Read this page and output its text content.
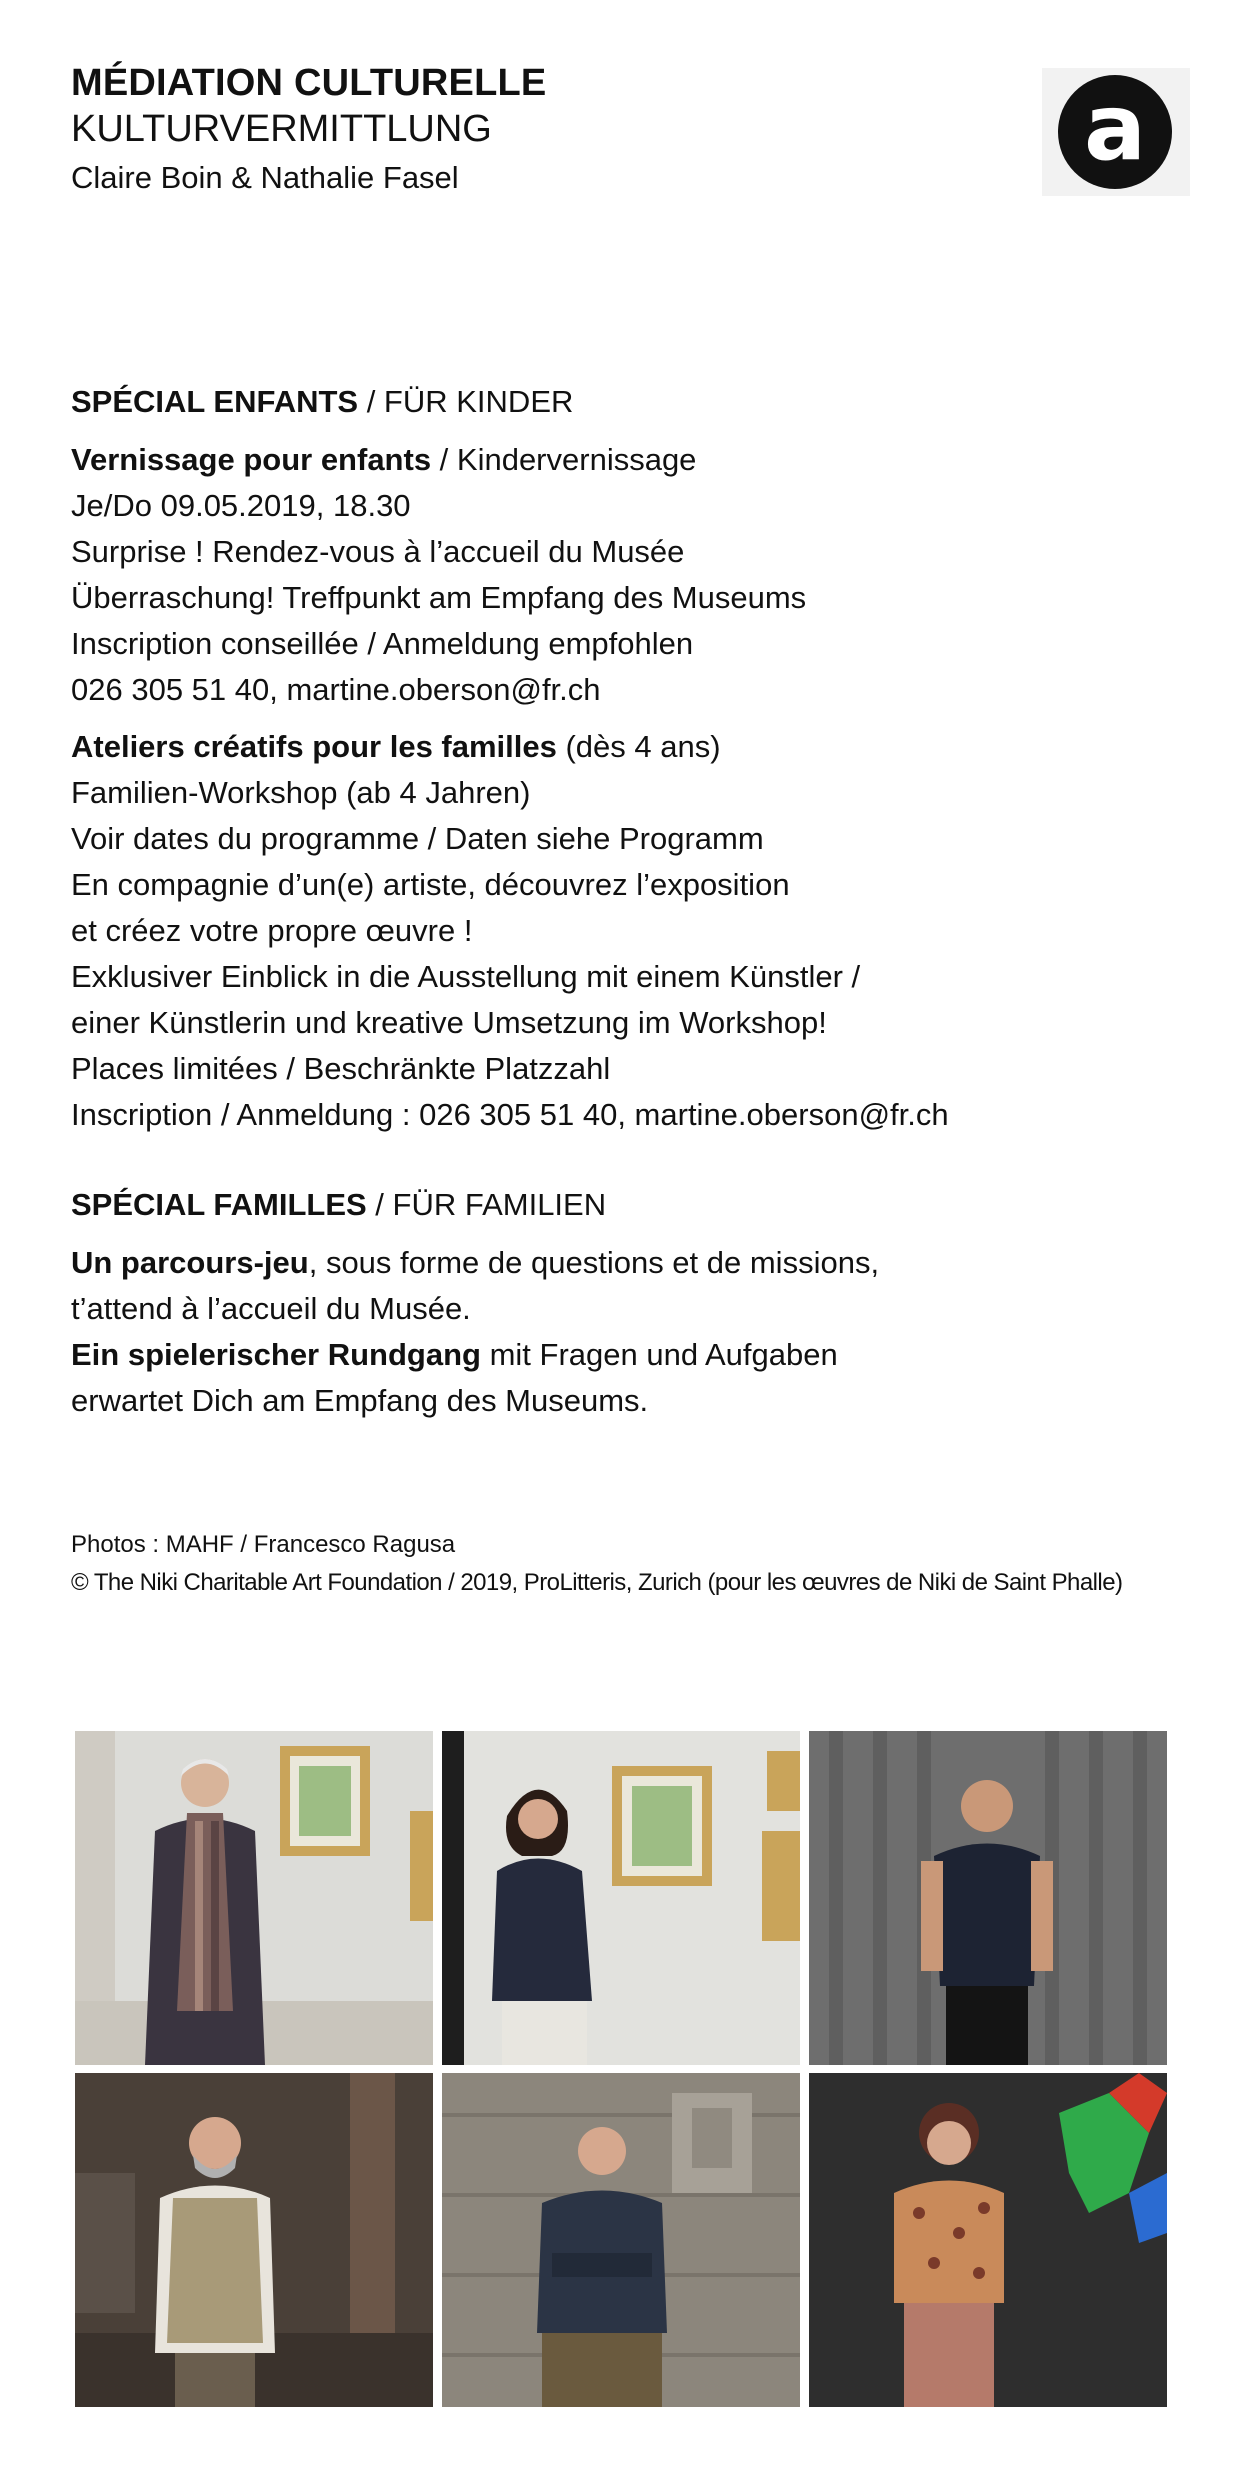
MÉDIATION CULTURELLE
KULTURVERMITTLUNG
Claire Boin & Nathalie Fasel	a
SPÉCIAL ENFANTS / FÜR KINDER
Vernissage pour enfants / Kindervernissage
Je/Do 09.05.2019, 18.30
Surprise ! Rendez-vous à l’accueil du Musée
Überraschung! Treffpunkt am Empfang des Museums
Inscription conseillée / Anmeldung empfohlen
026 305 51 40, martine.oberson@fr.ch
Ateliers créatifs pour les familles (dès 4 ans)
Familien-Workshop (ab 4 Jahren)
Voir dates du programme / Daten siehe Programm
En compagnie d’un(e) artiste, découvrez l’exposition
et créez votre propre œuvre !
Exklusiver Einblick in die Ausstellung mit einem Künstler /
einer Künstlerin und kreative Umsetzung im Workshop!
Places limitées / Beschränkte Platzzahl
Inscription / Anmeldung : 026 305 51 40, martine.oberson@fr.ch
SPÉCIAL FAMILLES / FÜR FAMILIEN
Un parcours-jeu, sous forme de questions et de missions,
t’attend à l’accueil du Musée.
Ein spielerischer Rundgang mit Fragen und Aufgaben
erwartet Dich am Empfang des Museums.
Photos : MAHF / Francesco Ragusa
© The Niki Charitable Art Foundation / 2019, ProLitteris, Zurich (pour les œuvres de Niki de Saint Phalle)
